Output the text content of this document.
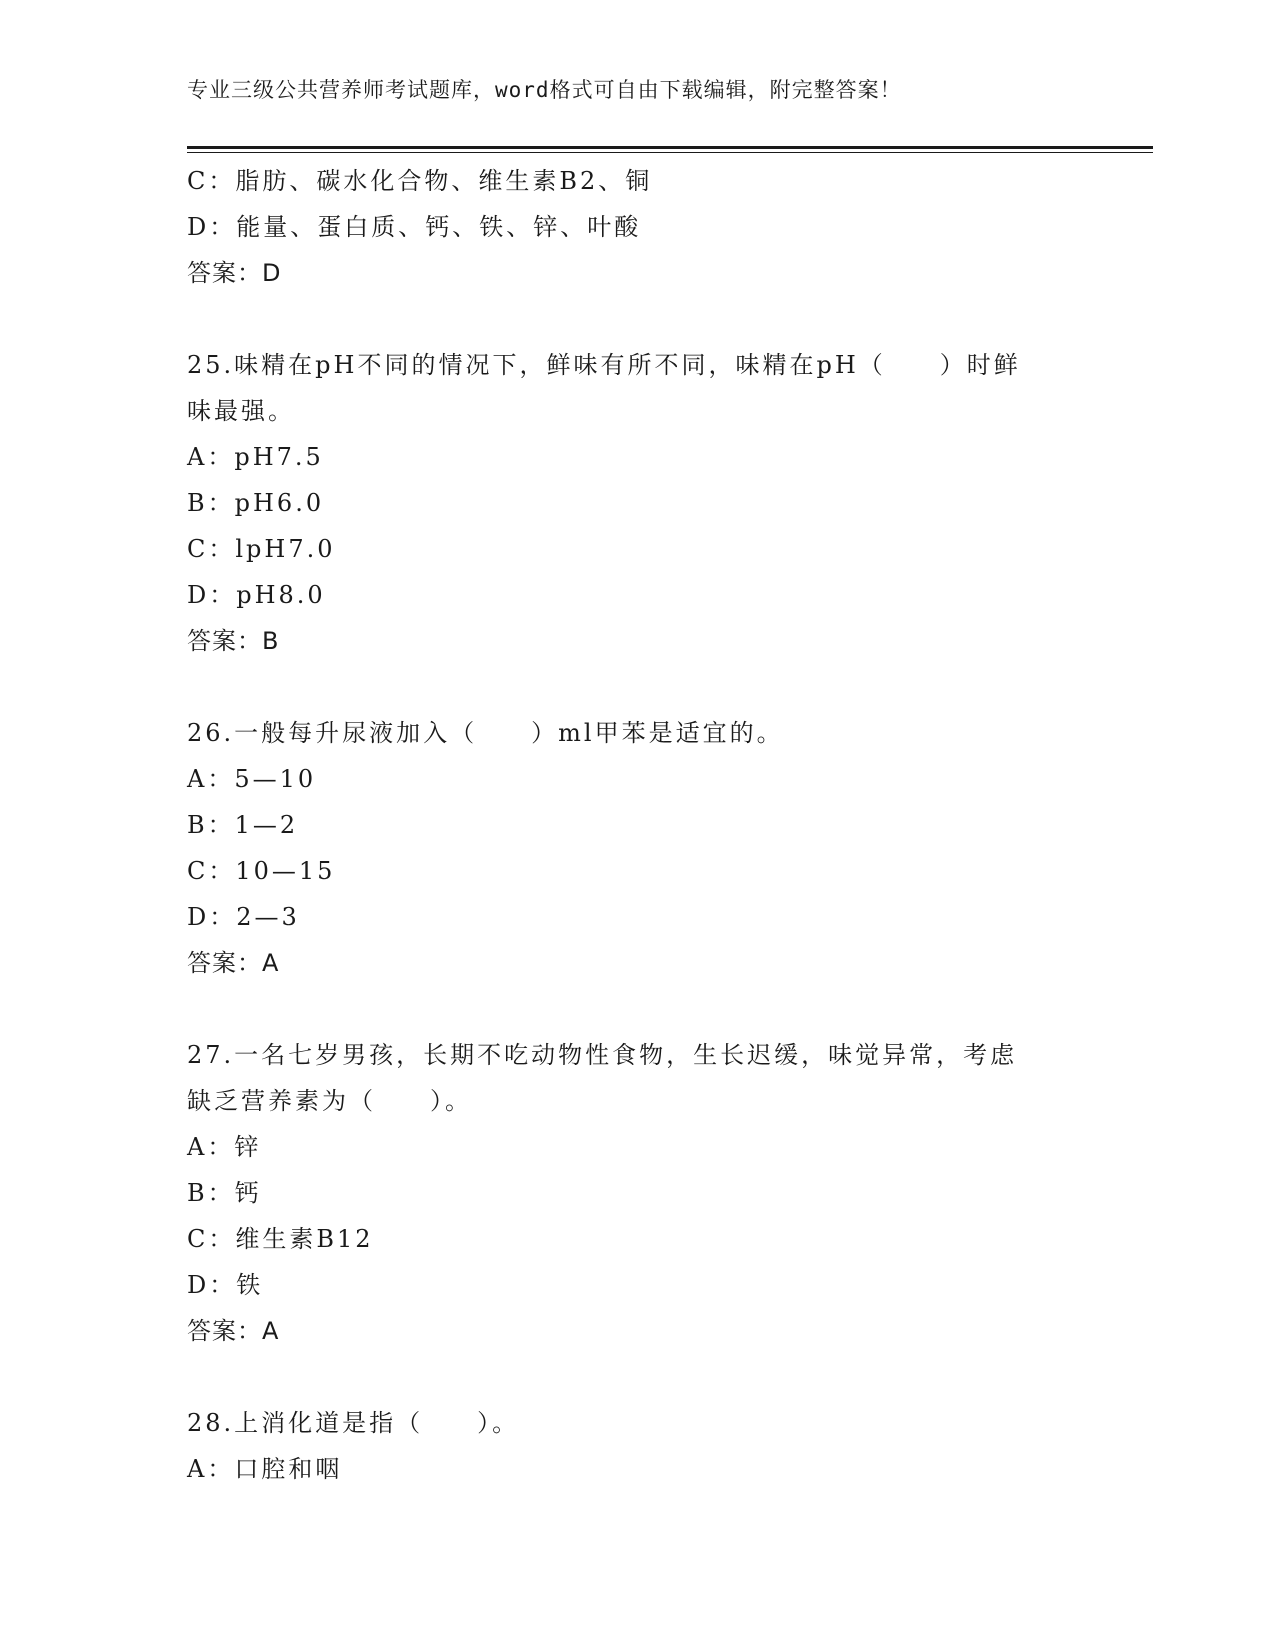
专业三级公共营养师考试题库，word格式可自由下载编辑，附完整答案！
C：脂肪、碳水化合物、维生素B2、铜
D：能量、蛋白质、钙、铁、锌、叶酸
答案：D
25.味精在pH不同的情况下，鲜味有所不同，味精在pH（　　）时鲜
味最强。
A：pH7.5
B：pH6.0
C：lpH7.0
D：pH8.0
答案：B
26.一般每升尿液加入（　　）ml甲苯是适宜的。
A：5—10
B：1—2
C：10—15
D：2—3
答案：A
27.一名七岁男孩，长期不吃动物性食物，生长迟缓，味觉异常，考虑
缺乏营养素为（　　）。
A：锌
B：钙
C：维生素B12
D：铁
答案：A
28.上消化道是指（　　）。
A：口腔和咽
